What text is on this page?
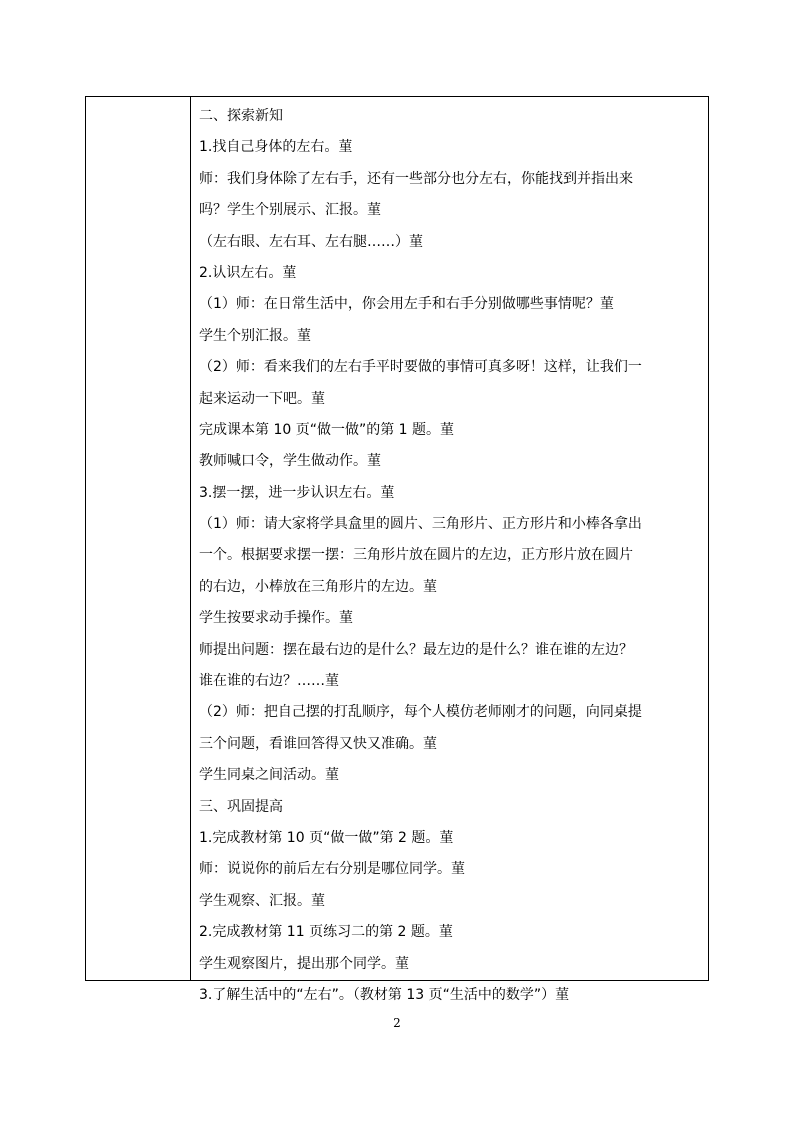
二、探索新知
1.找自己身体的左右。菫
师：我们身体除了左右手，还有一些部分也分左右，你能找到并指出来
吗？学生个别展示、汇报。菫
（左右眼、左右耳、左右腿……）菫
2.认识左右。菫
（1）师：在日常生活中，你会用左手和右手分别做哪些事情呢？菫
学生个别汇报。菫
（2）师：看来我们的左右手平时要做的事情可真多呀！这样，让我们一
起来运动一下吧。菫
完成课本第 10 页“做一做”的第 1 题。菫
教师喊口令，学生做动作。菫
3.摆一摆，进一步认识左右。菫
（1）师：请大家将学具盒里的圆片、三角形片、正方形片和小棒各拿出
一个。根据要求摆一摆：三角形片放在圆片的左边，正方形片放在圆片
的右边，小棒放在三角形片的左边。菫
学生按要求动手操作。菫
师提出问题：摆在最右边的是什么？最左边的是什么？谁在谁的左边？
谁在谁的右边？……菫
（2）师：把自己摆的打乱顺序，每个人模仿老师刚才的问题，向同桌提
三个问题，看谁回答得又快又准确。菫
学生同桌之间活动。菫
三、巩固提高
1.完成教材第 10 页“做一做”第 2 题。菫
师：说说你的前后左右分别是哪位同学。菫
学生观察、汇报。菫
2.完成教材第 11 页练习二的第 2 题。菫
学生观察图片，提出那个同学。菫
3.了解生活中的“左右”。（教材第 13 页“生活中的数学”）菫
2
